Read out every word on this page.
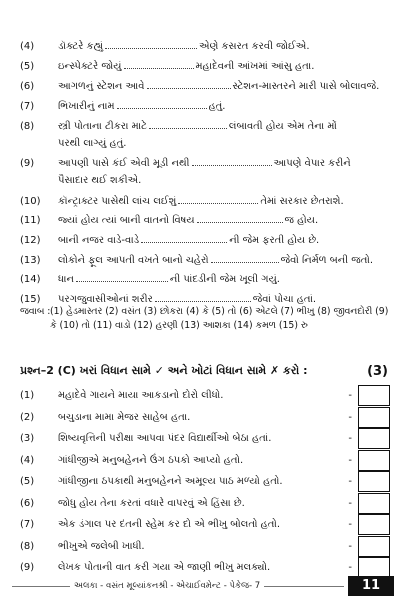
(4)	ડૉક્ટરે કહ્યું	એણે કસરત કરવી જોઈએ.
(5)	ઇન્સ્પેક્ટરે જોયું	મહાદેવની આંખમાં આંસુ હતા.
(6)	આગળનું સ્ટેશન આવે	સ્ટેશન-માસ્તરને મારી પાસે બોલાવજે.
(7)	ભિખારીનું નામ	હતું.
(8)	સ્ત્રી પોતાના ટીકરા માટે	લંબાવતી હોય એમ તેના મોં
પરથી લાગ્યું હતું.
(9)	આપણી પાસે કંઈ એવી મૂડી નથી	આપણે વેપાર કરીને
પૈસાદાર થઈ શકીએ.
(10)	કૉન્ટ્રાક્ટર પાસેથી લાંચ લઈશું	તેમાં સરકાર છેતરાશે.
(11)	જ્યાં હોય ત્યાં બાની વાતનો વિષય	જ હોય.
(12)	બાની નજર વાડે-વાડે	ની જેમ ફરતી હોય છે.
(13)	લોકોને ફૂલ આપતી વખતે બાનો ચહેરો	જેવો નિર્મળ બની જતો.
(14)	ધાન	ની પાંદડીની જેમ ખૂલી ગયું.
(15)	પરગજુવાસીઓનાં શરીર	જેવાં પોચા હતાં.
જવાબ : (1) હેડમાસ્તર (2) વસંત (3) છોકરા (4) કે (5) તો (6) એટલે (7) ભીખુ (8) જીવનદોરી (9) કે (10) તો (11) વાડો (12) હરણી (13) આશકા (14) કમળ (15) રુ
પ્રશ્ન–2 (C) ખરાં વિધાન સામે ✓ અને ખોટાં વિધાન સામે ✗ કરો :	(3)
(1)	મહાદેવે ગાયને માયા આકડાનો દોરો લીધો.	-
(2)	બચુડાના મામા મેજર સાહેબ હતા.	-
(3)	શિષ્યવૃત્તિની પરીક્ષા આપવા પંદર વિદ્યાર્થીઓ બેઠા હતાં.	-
(4)	ગાંધીજીએ મનુબહેનને ઉંગ ઠપકો આપ્યો હતો.	-
(5)	ગાંધીજીના ઠપકાથી મનુબહેનને અમૂલ્ય પાઠ મળ્યો હતો.	-
(6)	જોધુ હોય તેના કરતાં વધારે વાપરવું એ હિંસા છે.	-
(7)	એક ડંગાલ પર દંતની સ્હેમ કર દો એ ભીખુ બોલતો હતો.	-
(8)	ભીખુએ જલેબી ખાધી.	-
(9)	લેખક પોતાની વાત કરી ગયા એ જાણી ભીખુ મલક્યો.	-
અલકા - વસંત મૂલ્યાંકનશ્રી - એચાઈવમેન્ટ - પેકેજ- 7	11
